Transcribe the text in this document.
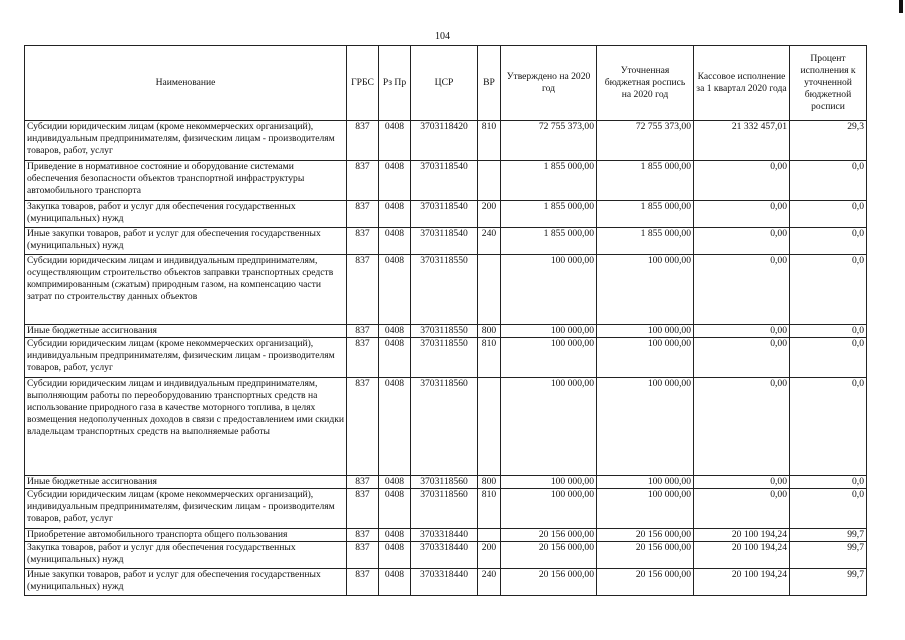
104
Наименование	ГРБС	Рз Пр	ЦСР	ВР	Утверждено на 2020 год	Уточненная бюджетная роспись на 2020 год	Кассовое исполнение за 1 квартал 2020 года	Процент исполнения к уточненной бюджетной росписи
Субсидии юридическим лицам (кроме некоммерческих организаций), индивидуальным предпринимателям, физическим лицам - производителям товаров, работ, услуг	837	0408	3703118420	810	72 755 373,00	72 755 373,00	21 332 457,01	29,3
Приведение в нормативное состояние и оборудование системами обеспечения безопасности объектов транспортной инфраструктуры автомобильного транспорта	837	0408	3703118540		1 855 000,00	1 855 000,00	0,00	0,0
Закупка товаров, работ и услуг для обеспечения государственных (муниципальных) нужд	837	0408	3703118540	200	1 855 000,00	1 855 000,00	0,00	0,0
Иные закупки товаров, работ и услуг для обеспечения государственных (муниципальных) нужд	837	0408	3703118540	240	1 855 000,00	1 855 000,00	0,00	0,0
Субсидии юридическим лицам и индивидуальным предпринимателям, осуществляющим строительство объектов заправки транспортных средств компримированным (сжатым) природным газом, на компенсацию части затрат по строительству данных объектов	837	0408	3703118550		100 000,00	100 000,00	0,00	0,0
Иные бюджетные ассигнования	837	0408	3703118550	800	100 000,00	100 000,00	0,00	0,0
Субсидии юридическим лицам (кроме некоммерческих организаций), индивидуальным предпринимателям, физическим лицам - производителям товаров, работ, услуг	837	0408	3703118550	810	100 000,00	100 000,00	0,00	0,0
Субсидии юридическим лицам и индивидуальным предпринимателям, выполняющим работы по переоборудованию транспортных средств на использование природного газа в качестве моторного топлива, в целях возмещения недополученных доходов в связи с предоставлением ими скидки владельцам транспортных средств на выполняемые работы	837	0408	3703118560		100 000,00	100 000,00	0,00	0,0
Иные бюджетные ассигнования	837	0408	3703118560	800	100 000,00	100 000,00	0,00	0,0
Субсидии юридическим лицам (кроме некоммерческих организаций), индивидуальным предпринимателям, физическим лицам - производителям товаров, работ, услуг	837	0408	3703118560	810	100 000,00	100 000,00	0,00	0,0
Приобретение автомобильного транспорта общего пользования	837	0408	3703318440		20 156 000,00	20 156 000,00	20 100 194,24	99,7
Закупка товаров, работ и услуг для обеспечения государственных (муниципальных) нужд	837	0408	3703318440	200	20 156 000,00	20 156 000,00	20 100 194,24	99,7
Иные закупки товаров, работ и услуг для обеспечения государственных (муниципальных) нужд	837	0408	3703318440	240	20 156 000,00	20 156 000,00	20 100 194,24	99,7
